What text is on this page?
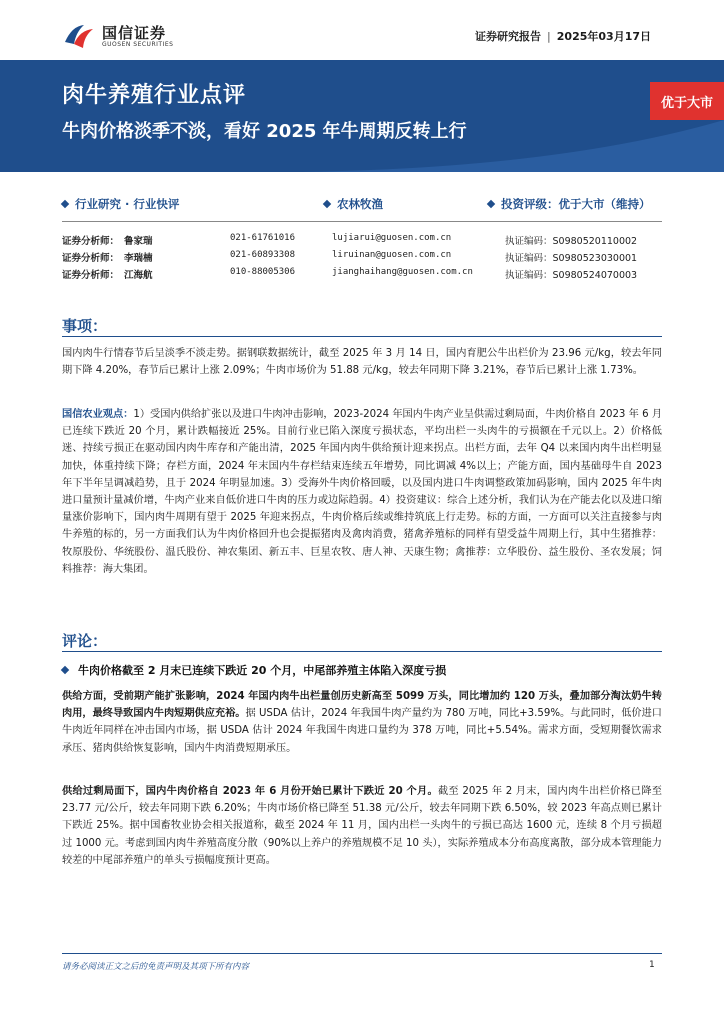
国信证券
GUOSEN SECURITIES
证券研究报告 | 2025年03月17日
肉牛养殖行业点评
牛肉价格淡季不淡，看好 2025 年牛周期反转上行
优于大市
行业研究 · 行业快评	农林牧渔	投资评级：优于大市（维持）
证券分析师： 鲁家瑞	021-61761016	lujiarui@guosen.com.cn	执证编码：S0980520110002
证券分析师： 李瑞楠	021-60893308	liruinan@guosen.com.cn	执证编码：S0980523030001
证券分析师： 江海航	010-88005306	jianghaihang@guosen.com.cn	执证编码：S0980524070003
事项：
国内肉牛行情春节后呈淡季不淡走势。据钢联数据统计，截至 2025 年 3 月 14 日，国内育肥公牛出栏价为 23.96 元/kg，较去年同期下降 4.20%，春节后已累计上涨 2.09%；牛肉市场价为 51.88 元/kg，较去年同期下降 3.21%，春节后已累计上涨 1.73%。
国信农业观点：1）受国内供给扩张以及进口牛肉冲击影响，2023-2024 年国内牛肉产业呈供需过剩局面，牛肉价格自 2023 年 6 月已连续下跌近 20 个月，累计跌幅接近 25%。目前行业已陷入深度亏损状态，平均出栏一头肉牛的亏损额在千元以上。2）价格低迷、持续亏损正在驱动国内肉牛库存和产能出清，2025 年国内肉牛供给预计迎来拐点。出栏方面，去年 Q4 以来国内肉牛出栏明显加快，体重持续下降；存栏方面，2024 年末国内牛存栏结束连续五年增势，同比调减 4%以上；产能方面，国内基础母牛自 2023 年下半年呈调减趋势，且于 2024 年明显加速。3）受海外牛肉价格回暖，以及国内进口牛肉调整政策加码影响，国内 2025 年牛肉进口量预计量减价增，牛肉产业来自低价进口牛肉的压力或边际趋弱。4）投资建议：综合上述分析，我们认为在产能去化以及进口缩量涨价影响下，国内肉牛周期有望于 2025 年迎来拐点，牛肉价格后续或维持筑底上行走势。标的方面，一方面可以关注直接参与肉牛养殖的标的，另一方面我们认为牛肉价格回升也会提振猪肉及禽肉消费，猪禽养殖标的同样有望受益牛周期上行，其中生猪推荐：牧原股份、华统股份、温氏股份、神农集团、新五丰、巨星农牧、唐人神、天康生物；禽推荐：立华股份、益生股份、圣农发展；饲料推荐：海大集团。
评论：
牛肉价格截至 2 月末已连续下跌近 20 个月，中尾部养殖主体陷入深度亏损
供给方面，受前期产能扩张影响，2024 年国内肉牛出栏量创历史新高至 5099 万头，同比增加约 120 万头，叠加部分淘汰奶牛转肉用，最终导致国内牛肉短期供应充裕。据 USDA 估计，2024 年我国牛肉产量约为 780 万吨，同比+3.59%。与此同时，低价进口牛肉近年同样在冲击国内市场，据 USDA 估计 2024 年我国牛肉进口量约为 378 万吨，同比+5.54%。需求方面，受短期餐饮需求承压、猪肉供给恢复影响，国内牛肉消费短期承压。
供给过剩局面下，国内牛肉价格自 2023 年 6 月份开始已累计下跌近 20 个月。截至 2025 年 2 月末，国内肉牛出栏价格已降至 23.77 元/公斤，较去年同期下跌 6.20%；牛肉市场价格已降至 51.38 元/公斤，较去年同期下跌 6.50%，较 2023 年高点则已累计下跌近 25%。据中国畜牧业协会相关报道称，截至 2024 年 11 月，国内出栏一头肉牛的亏损已高达 1600 元，连续 8 个月亏损超过 1000 元。考虑到国内肉牛养殖高度分散（90%以上养户的养殖规模不足 10 头），实际养殖成本分布高度离散，部分成本管理能力较差的中尾部养殖户的单头亏损幅度预计更高。
请务必阅读正文之后的免责声明及其项下所有内容	1
